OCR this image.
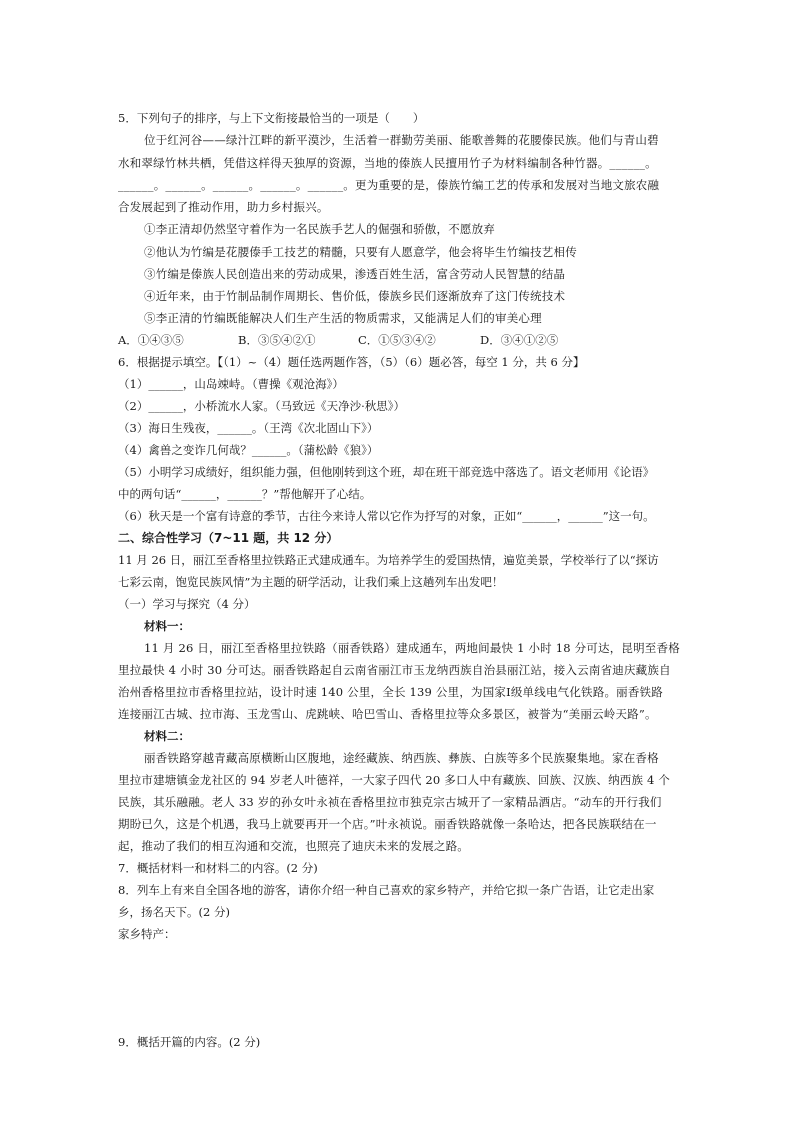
5．下列句子的排序，与上下文衔接最恰当的一项是（　　）
位于红河谷——绿汁江畔的新平漠沙，生活着一群勤劳美丽、能歌善舞的花腰傣民族。他们与青山碧
水和翠绿竹林共栖，凭借这样得天独厚的资源，当地的傣族人民擅用竹子为材料编制各种竹器。______。
______。______。______。______。______。更为重要的是，傣族竹编工艺的传承和发展对当地文旅农融
合发展起到了推动作用，助力乡村振兴。
①李正清却仍然坚守着作为一名民族手艺人的倔强和骄傲，不愿放弃
②他认为竹编是花腰傣手工技艺的精髓，只要有人愿意学，他会将毕生竹编技艺相传
③竹编是傣族人民创造出来的劳动成果，渗透百姓生活，富含劳动人民智慧的结晶
④近年来，由于竹制品制作周期长、售价低，傣族乡民们逐渐放弃了这门传统技术
⑤李正清的竹编既能解决人们生产生活的物质需求，又能满足人们的审美心理
A．①④③⑤	B．③⑤④②①	C．①⑤③④②	D．③④①②⑤
6．根据提示填空。【（1）~（4）题任选两题作答，（5）（6）题必答，每空 1 分，共 6 分】
（1）______，山岛竦峙。（曹操《观沧海》）
（2）______，小桥流水人家。（马致远《天净沙·秋思》）
（3）海日生残夜，______。（王湾《次北固山下》）
（4）禽兽之变诈几何哉？______。（蒲松龄《狼》）
（5）小明学习成绩好，组织能力强，但他刚转到这个班，却在班干部竞选中落选了。语文老师用《论语》
中的两句话“______，______？”帮他解开了心结。
（6）秋天是一个富有诗意的季节，古往今来诗人常以它作为抒写的对象，正如“______，______”这一句。
二、综合性学习（7~11 题，共 12 分）
11 月 26 日，丽江至香格里拉铁路正式建成通车。为培养学生的爱国热情，遍览美景，学校举行了以“探访
七彩云南，饱览民族风情”为主题的研学活动，让我们乘上这趟列车出发吧！
（一）学习与探究（4 分）
材料一：
11 月 26 日，丽江至香格里拉铁路（丽香铁路）建成通车，两地间最快 1 小时 18 分可达，昆明至香格
里拉最快 4 小时 30 分可达。丽香铁路起自云南省丽江市玉龙纳西族自治县丽江站，接入云南省迪庆藏族自
治州香格里拉市香格里拉站，设计时速 140 公里，全长 139 公里，为国家Ⅰ级单线电气化铁路。丽香铁路
连接丽江古城、拉市海、玉龙雪山、虎跳峡、哈巴雪山、香格里拉等众多景区，被誉为“美丽云岭天路”。
材料二：
丽香铁路穿越青藏高原横断山区腹地，途经藏族、纳西族、彝族、白族等多个民族聚集地。家在香格
里拉市建塘镇金龙社区的 94 岁老人叶德祥，一大家子四代 20 多口人中有藏族、回族、汉族、纳西族 4 个
民族，其乐融融。老人 33 岁的孙女叶永祯在香格里拉市独克宗古城开了一家精品酒店。“动车的开行我们
期盼已久，这是个机遇，我马上就要再开一个店。”叶永祯说。丽香铁路就像一条哈达，把各民族联结在一
起，推动了我们的相互沟通和交流，也照亮了迪庆未来的发展之路。
7．概括材料一和材料二的内容。(2 分)
8．列车上有来自全国各地的游客，请你介绍一种自己喜欢的家乡特产，并给它拟一条广告语，让它走出家
乡，扬名天下。(2 分)
家乡特产：
9．概括开篇的内容。(2 分)
